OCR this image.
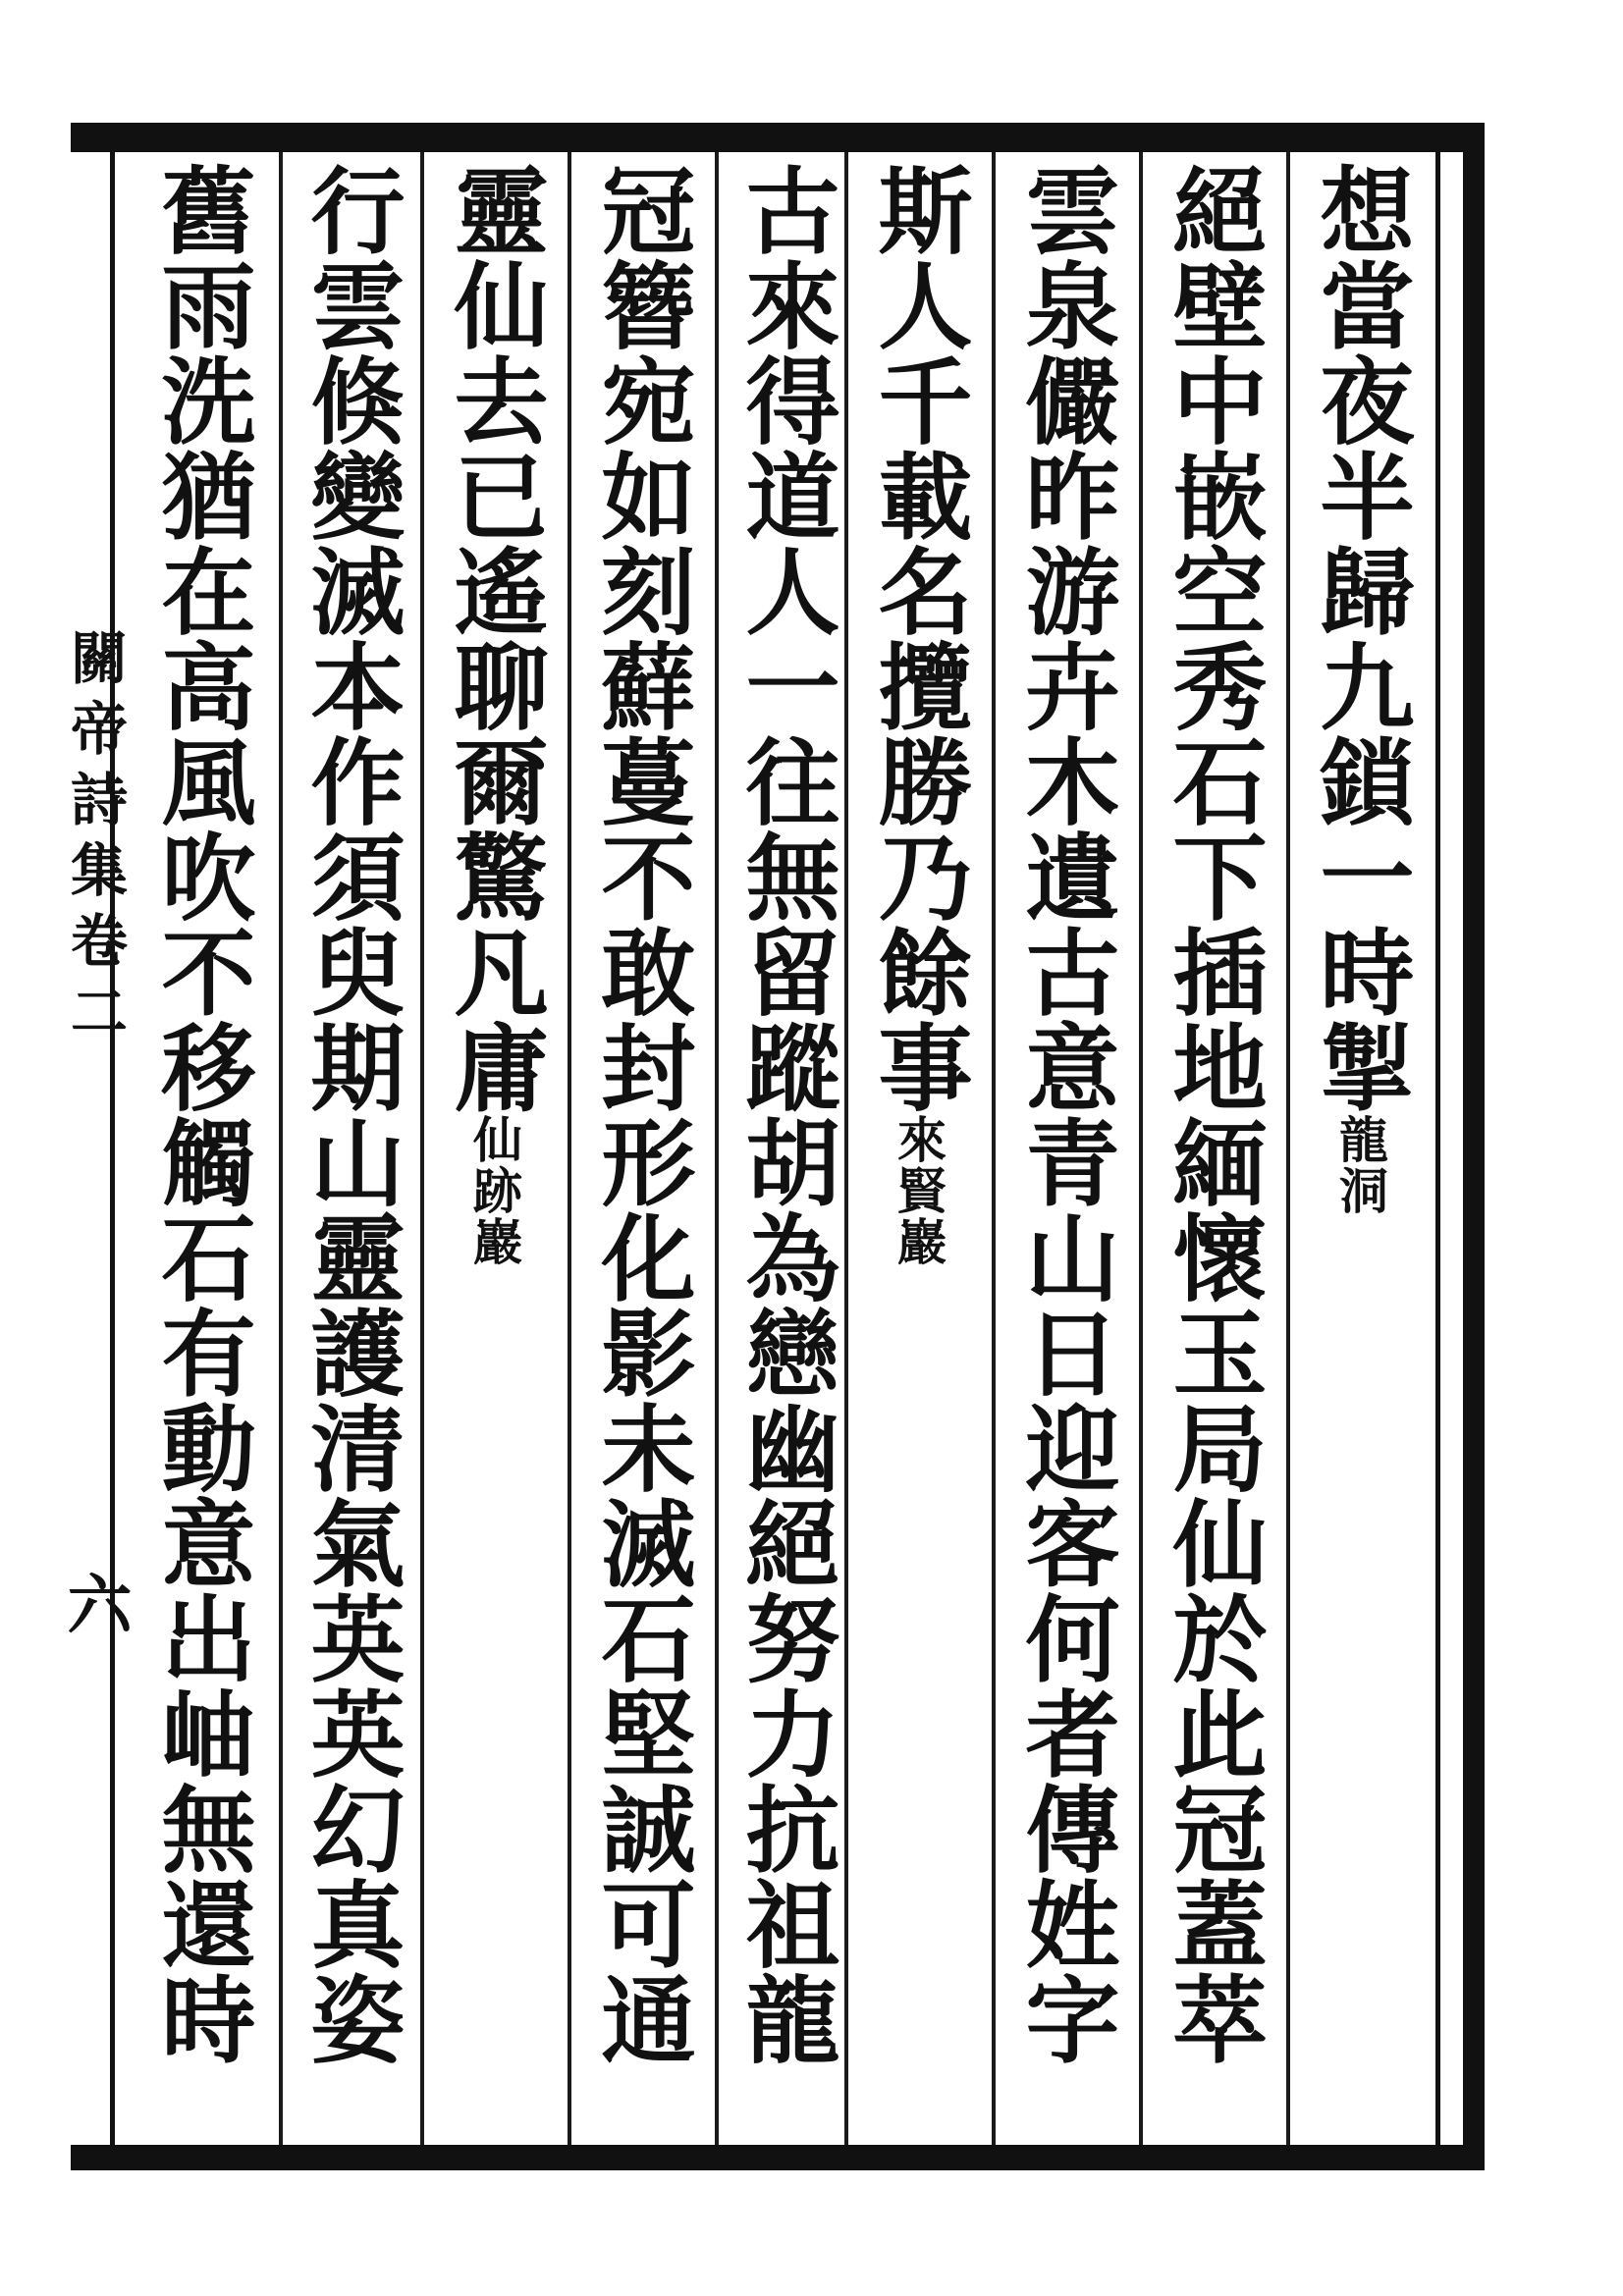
想當夜半歸九鎖一時掣龍洞
絕壁中嵌空秀石下插地緬懷玉局仙於此冠蓋萃
雲泉儼昨游卉木遺古意青山日迎客何者傳姓字
斯人千載名攬勝乃餘事來賢巖
古來得道人一往無留蹤胡為戀幽絕努力抗祖龍
冠簪宛如刻蘚蔓不敢封形化影未滅石堅誠可通
靈仙去已遙聊爾驚凡庸仙跡巖
行雲倏變滅本作須臾期山靈護清氣英英幻真姿
舊雨洗猶在高風吹不移觸石有動意出岫無還時
關帝詩集卷二
六
